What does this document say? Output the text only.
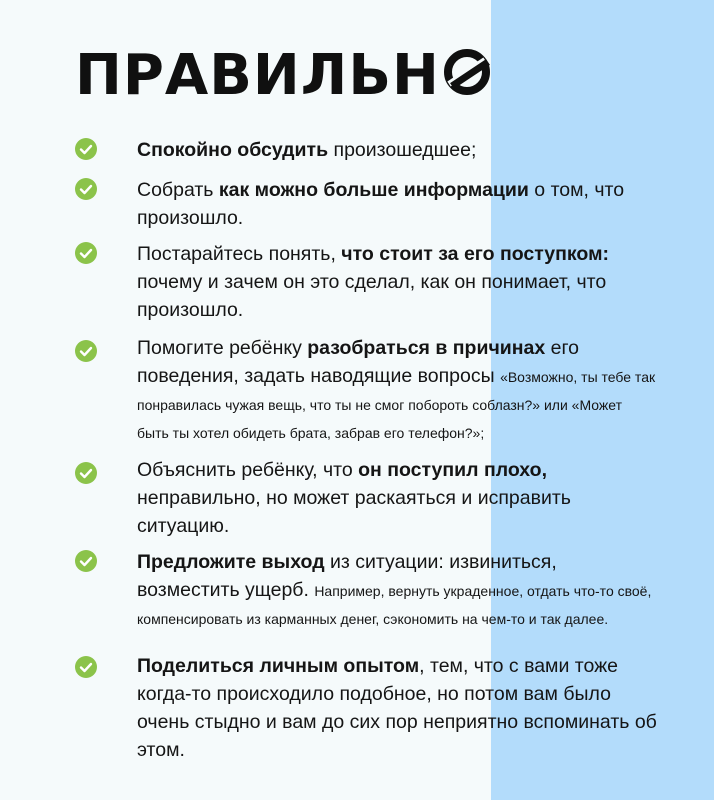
ПРАВИЛЬН
Спокойно обсудить произошедшее;
Собрать как можно больше информации о том, что произошло.
Постарайтесь понять, что стоит за его поступком: почему и зачем он это сделал, как он понимает, что произошло.
Помогите ребёнку разобраться в причинах его поведения, задать наводящие вопросы «Возможно, ты тебе так понравилась чужая вещь, что ты не смог побороть соблазн?» или «Может быть ты хотел обидеть брата, забрав его телефон?»;
Объяснить ребёнку, что он поступил плохо, неправильно, но может раскаяться и исправить ситуацию.
Предложите выход из ситуации: извиниться, возместить ущерб. Например, вернуть украденное, отдать что-то своё, компенсировать из карманных денег, сэкономить на чем-то и так далее.
Поделиться личным опытом, тем, что с вами тоже когда-то происходило подобное, но потом вам было очень стыдно и вам до сих пор неприятно вспоминать об этом.
